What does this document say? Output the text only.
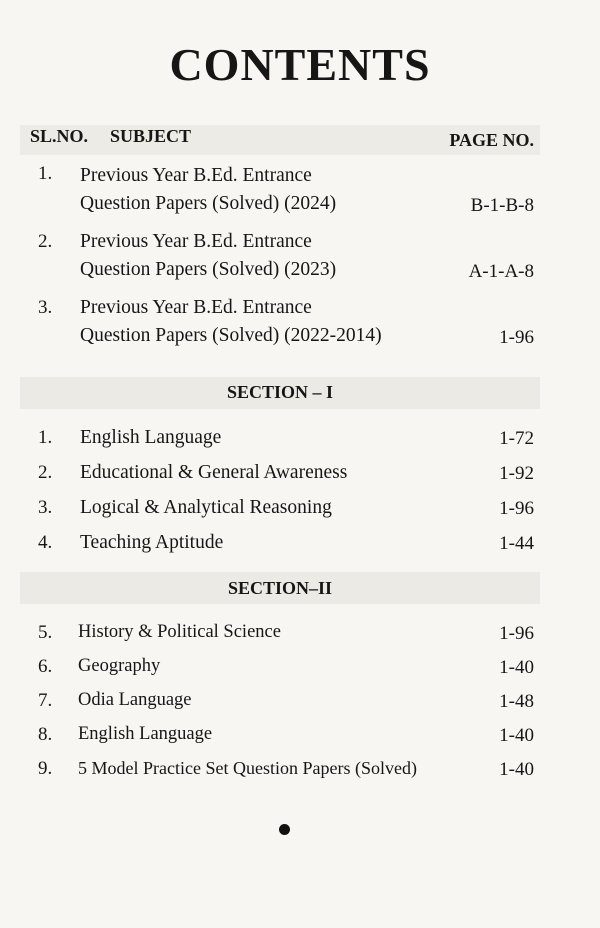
CONTENTS
SL.NO. SUBJECT	PAGE NO.
1. Previous Year B.Ed. Entrance
Question Papers (Solved) (2024)	B-1-B-8
2. Previous Year B.Ed. Entrance
Question Papers (Solved) (2023)	A-1-A-8
3. Previous Year B.Ed. Entrance
Question Papers (Solved) (2022-2014)	1-96
SECTION – I
1. English Language	1-72
2. Educational & General Awareness	1-92
3. Logical & Analytical Reasoning	1-96
4. Teaching Aptitude	1-44
SECTION–II
5. History & Political Science	1-96
6. Geography	1-40
7. Odia Language	1-48
8. English Language	1-40
9. 5 Model Practice Set Question Papers (Solved)	1-40
